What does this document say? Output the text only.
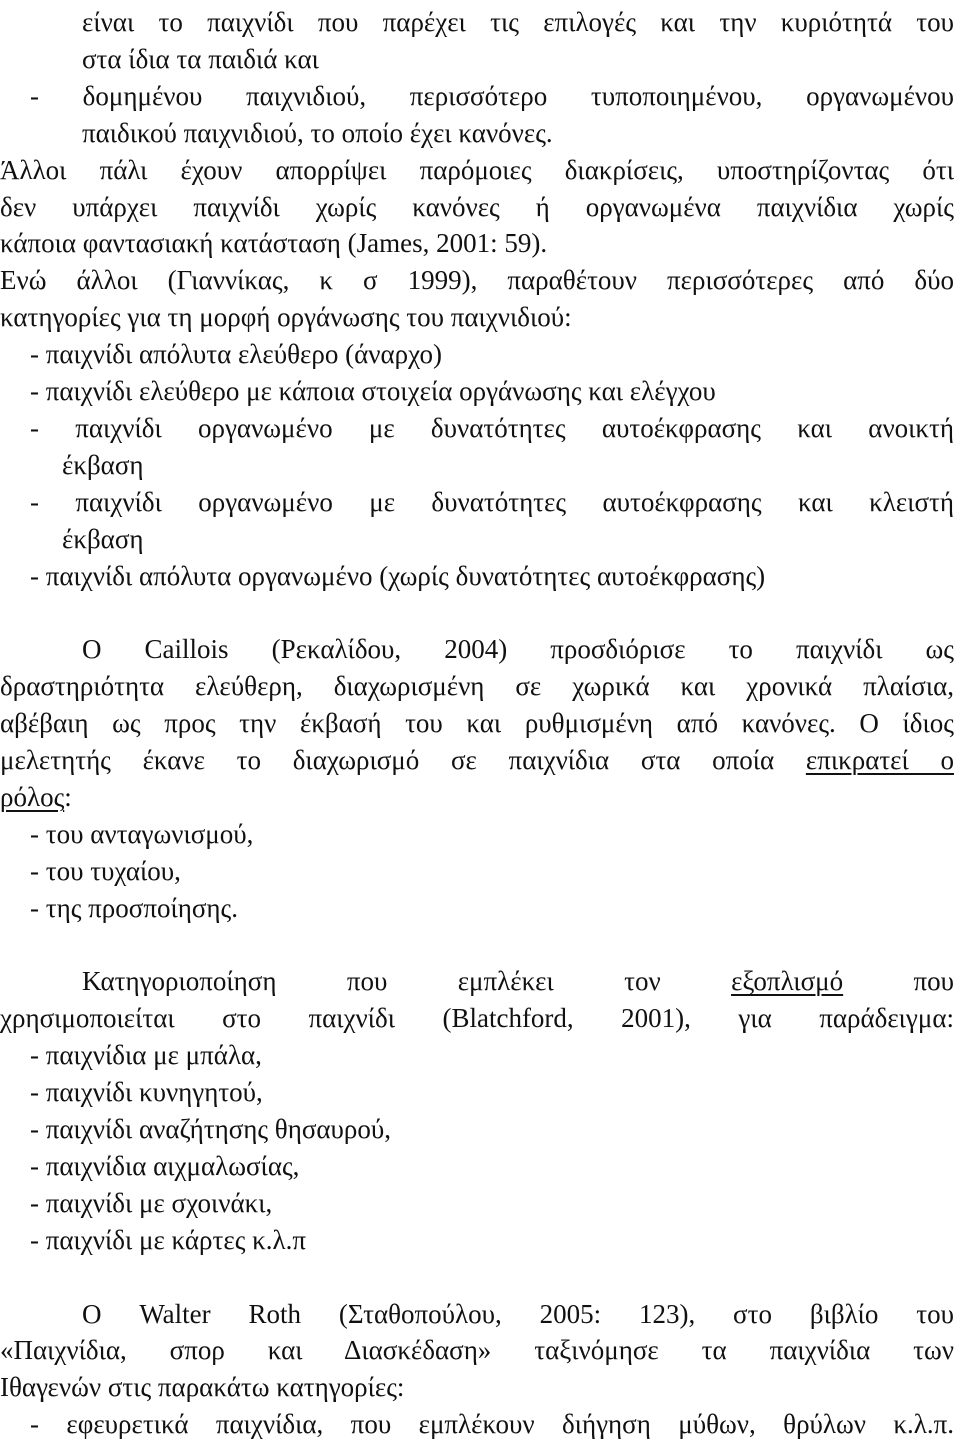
είναι το παιχνίδι που παρέχει τις επιλογές και την κυριότητά του
στα ίδια τα παιδιά και
- δομημένου παιχνιδιού, περισσότερο τυποποιημένου, οργανωμένου
παιδικού παιχνιδιού, το οποίο έχει κανόνες.
Άλλοι πάλι έχουν απορρίψει παρόμοιες διακρίσεις, υποστηρίζοντας ότι
δεν υπάρχει παιχνίδι χωρίς κανόνες ή οργανωμένα παιχνίδια χωρίς
κάποια φαντασιακή κατάσταση (James, 2001: 59).
Ενώ άλλοι (Γιαννίκας, κ σ 1999), παραθέτουν περισσότερες από δύο
κατηγορίες για τη μορφή οργάνωσης του παιχνιδιού:
- παιχνίδι απόλυτα ελεύθερο (άναρχο)
- παιχνίδι ελεύθερο με κάποια στοιχεία οργάνωσης και ελέγχου
- παιχνίδι οργανωμένο με δυνατότητες αυτοέκφρασης και ανοικτή
έκβαση
- παιχνίδι οργανωμένο με δυνατότητες αυτοέκφρασης και κλειστή
έκβαση
- παιχνίδι απόλυτα οργανωμένο (χωρίς δυνατότητες αυτοέκφρασης)
Ο Caillois (Ρεκαλίδου, 2004) προσδιόρισε το παιχνίδι ως
δραστηριότητα ελεύθερη, διαχωρισμένη σε χωρικά και χρονικά πλαίσια,
αβέβαιη ως προς την έκβασή του και ρυθμισμένη από κανόνες. Ο ίδιος
μελετητής έκανε το διαχωρισμό σε παιχνίδια στα οποία επικρατεί ο
ρόλος:
- του ανταγωνισμού,
- του τυχαίου,
- της προσποίησης.
Κατηγοριοποίηση που εμπλέκει τον εξοπλισμό που
χρησιμοποιείται στο παιχνίδι (Blatchford, 2001), για παράδειγμα:
- παιχνίδια με μπάλα,
- παιχνίδι κυνηγητού,
- παιχνίδι αναζήτησης θησαυρού,
- παιχνίδια αιχμαλωσίας,
- παιχνίδι με σχοινάκι,
- παιχνίδι με κάρτες κ.λ.π
Ο Walter Roth (Σταθοπούλου, 2005: 123), στο βιβλίο του
«Παιχνίδια, σπορ και Διασκέδαση» ταξινόμησε τα παιχνίδια των
Ιθαγενών στις παρακάτω κατηγορίες:
- εφευρετικά παιχνίδια, που εμπλέκουν διήγηση μύθων, θρύλων κ.λ.π.
